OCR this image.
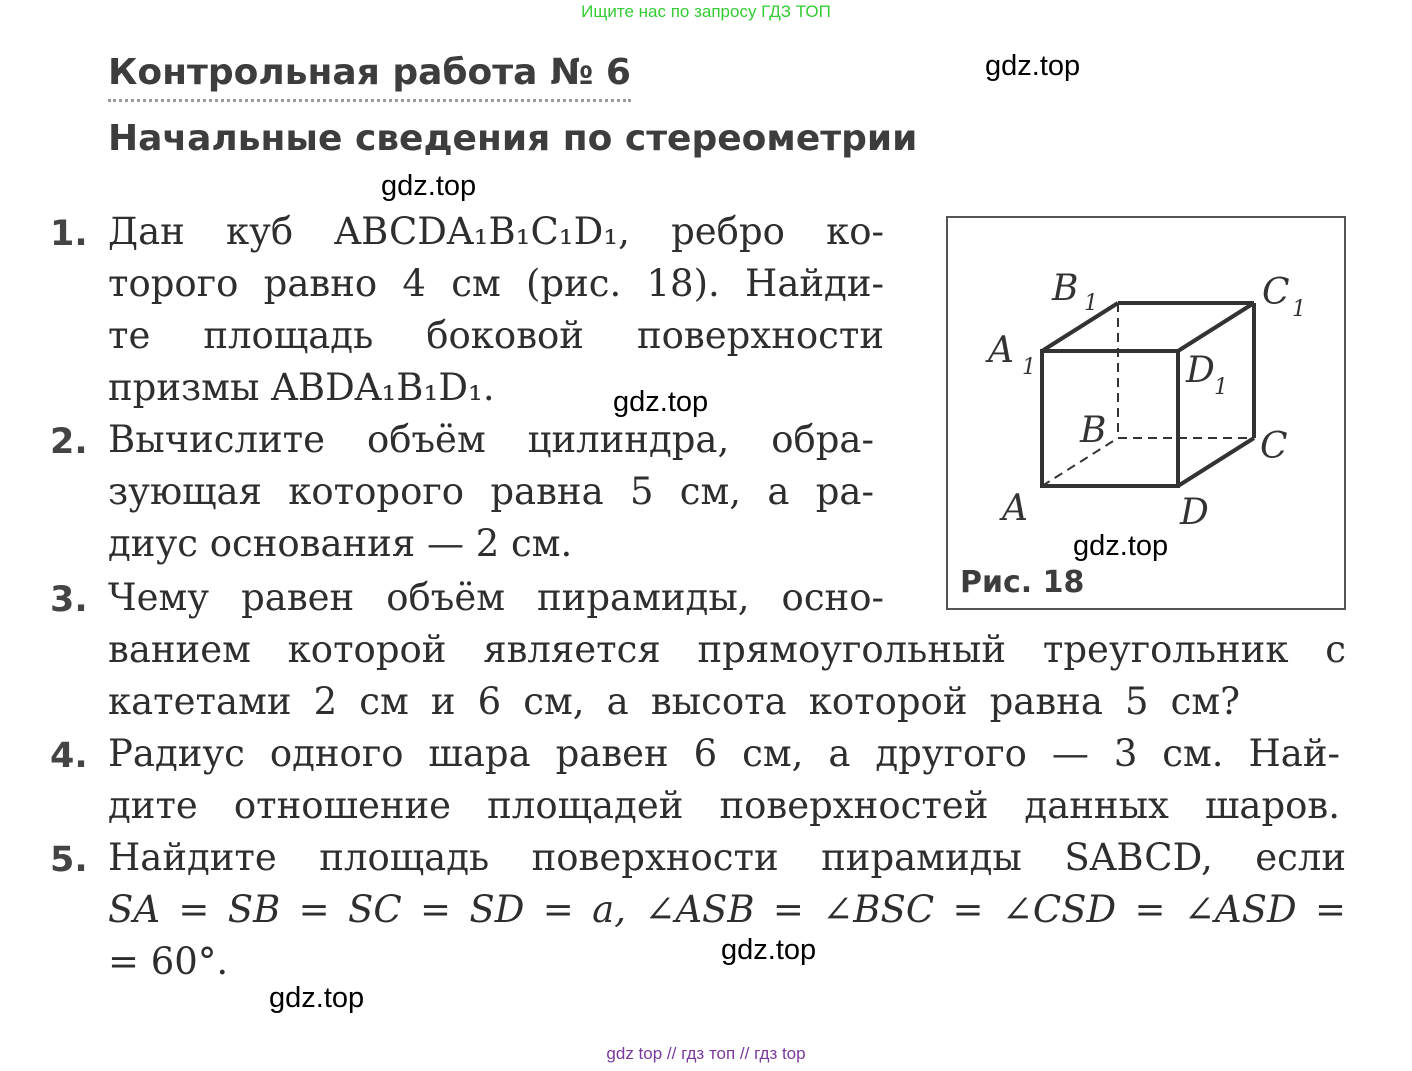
Ищите нас по запросу ГДЗ ТОП
Контрольная работа № 6
Начальные сведения по стереометрии
1. Дан куб ABCDA₁B₁C₁D₁, ребро ко-
торого равно 4 см (рис. 18). Найди-
те площадь боковой поверхности
призмы ABDA₁B₁D₁.
2. Вычислите объём цилиндра, обра-
зующая которого равна 5 см, а ра-
диус основания — 2 см.
3. Чему равен объём пирамиды, осно-
ванием которой является прямоугольный треугольник с
катетами 2 см и 6 см, а высота которой равна 5 см?
4. Радиус одного шара равен 6 см, а другого — 3 см. Най-
дите отношение площадей поверхностей данных шаров.
5. Найдите площадь поверхности пирамиды SABCD, если
SA = SB = SC = SD = a, ∠ASB = ∠BSC = ∠CSD = ∠ASD =
= 60°.
B 1	C 1
A 1	D 1
B	C
A	D
Рис. 18
gdz.top
gdz.top
gdz.top
gdz.top
gdz.top
gdz.top
gdz top // гдз топ // гдз top
